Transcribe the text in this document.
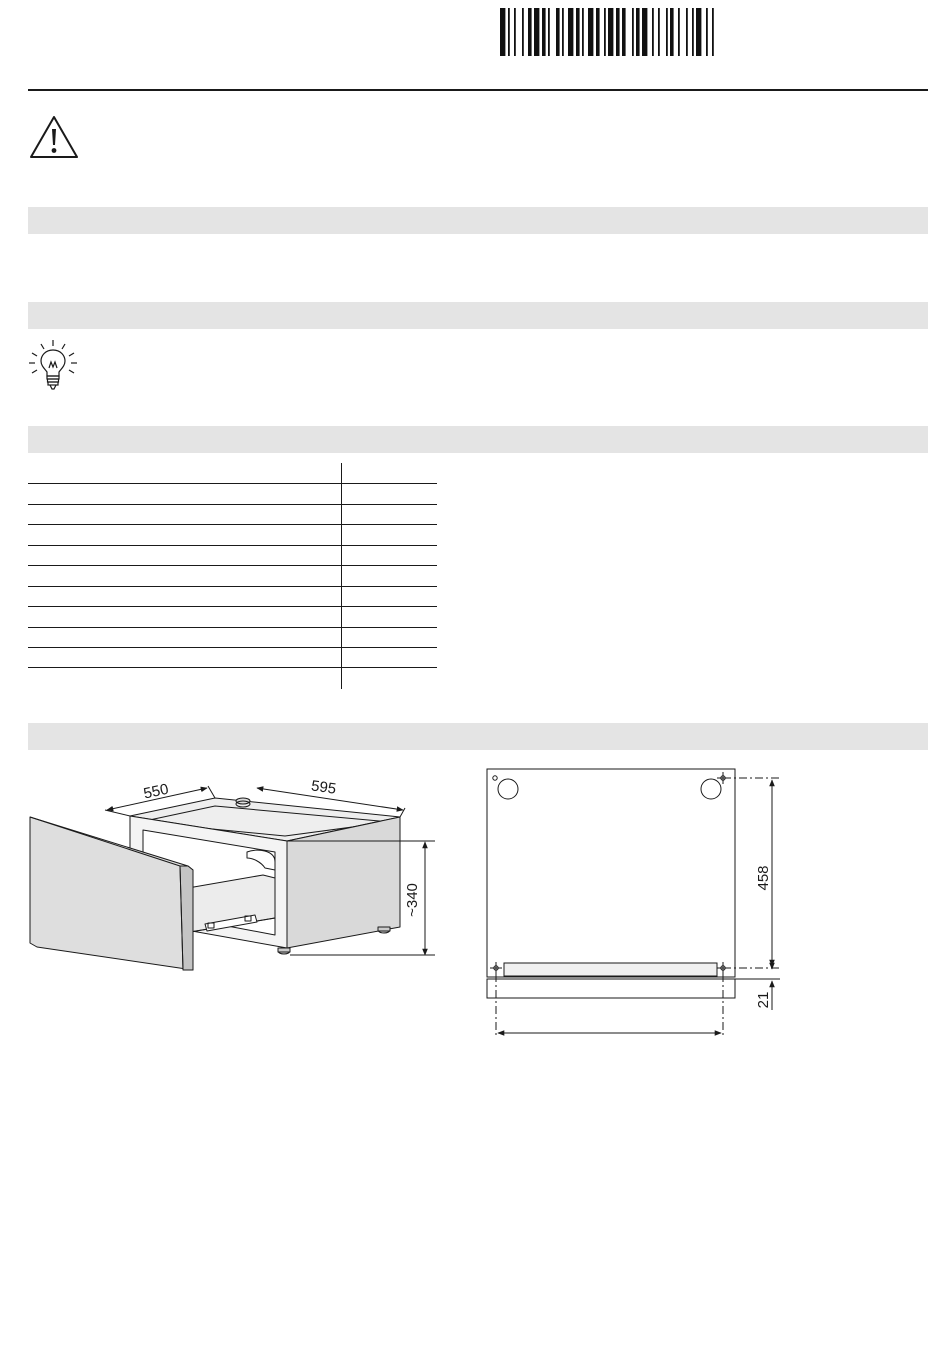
550	595
~340
458
21
